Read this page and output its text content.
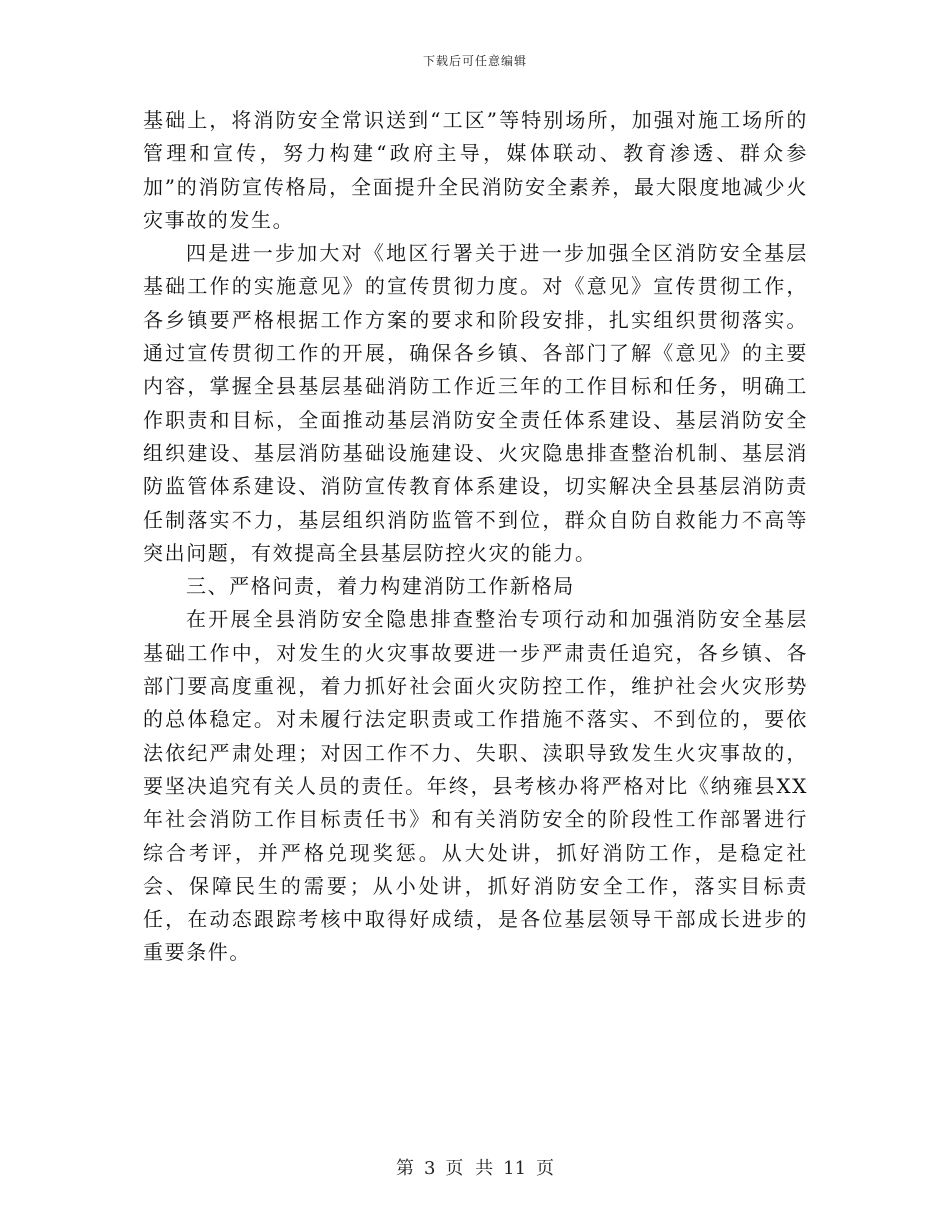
下载后可任意编辑

基础上，将消防安全常识送到“工区”等特别场所，加强对施工场所的管理和宣传，努力构建“政府主导，媒体联动、教育渗透、群众参加”的消防宣传格局，全面提升全民消防安全素养，最大限度地减少火灾事故的发生。

四是进一步加大对《地区行署关于进一步加强全区消防安全基层基础工作的实施意见》的宣传贯彻力度。对《意见》宣传贯彻工作，各乡镇要严格根据工作方案的要求和阶段安排，扎实组织贯彻落实。通过宣传贯彻工作的开展，确保各乡镇、各部门了解《意见》的主要内容，掌握全县基层基础消防工作近三年的工作目标和任务，明确工作职责和目标，全面推动基层消防安全责任体系建设、基层消防安全组织建设、基层消防基础设施建设、火灾隐患排查整治机制、基层消防监管体系建设、消防宣传教育体系建设，切实解决全县基层消防责任制落实不力，基层组织消防监管不到位，群众自防自救能力不高等突出问题，有效提高全县基层防控火灾的能力。

三、严格问责，着力构建消防工作新格局

在开展全县消防安全隐患排查整治专项行动和加强消防安全基层基础工作中，对发生的火灾事故要进一步严肃责任追究，各乡镇、各部门要高度重视，着力抓好社会面火灾防控工作，维护社会火灾形势的总体稳定。对未履行法定职责或工作措施不落实、不到位的，要依法依纪严肃处理；对因工作不力、失职、渎职导致发生火灾事故的，要坚决追究有关人员的责任。年终，县考核办将严格对比《纳雍县XX年社会消防工作目标责任书》和有关消防安全的阶段性工作部署进行综合考评，并严格兑现奖惩。从大处讲，抓好消防工作，是稳定社会、保障民生的需要；从小处讲，抓好消防安全工作，落实目标责任，在动态跟踪考核中取得好成绩，是各位基层领导干部成长进步的重要条件。

第 3 页 共 11 页
